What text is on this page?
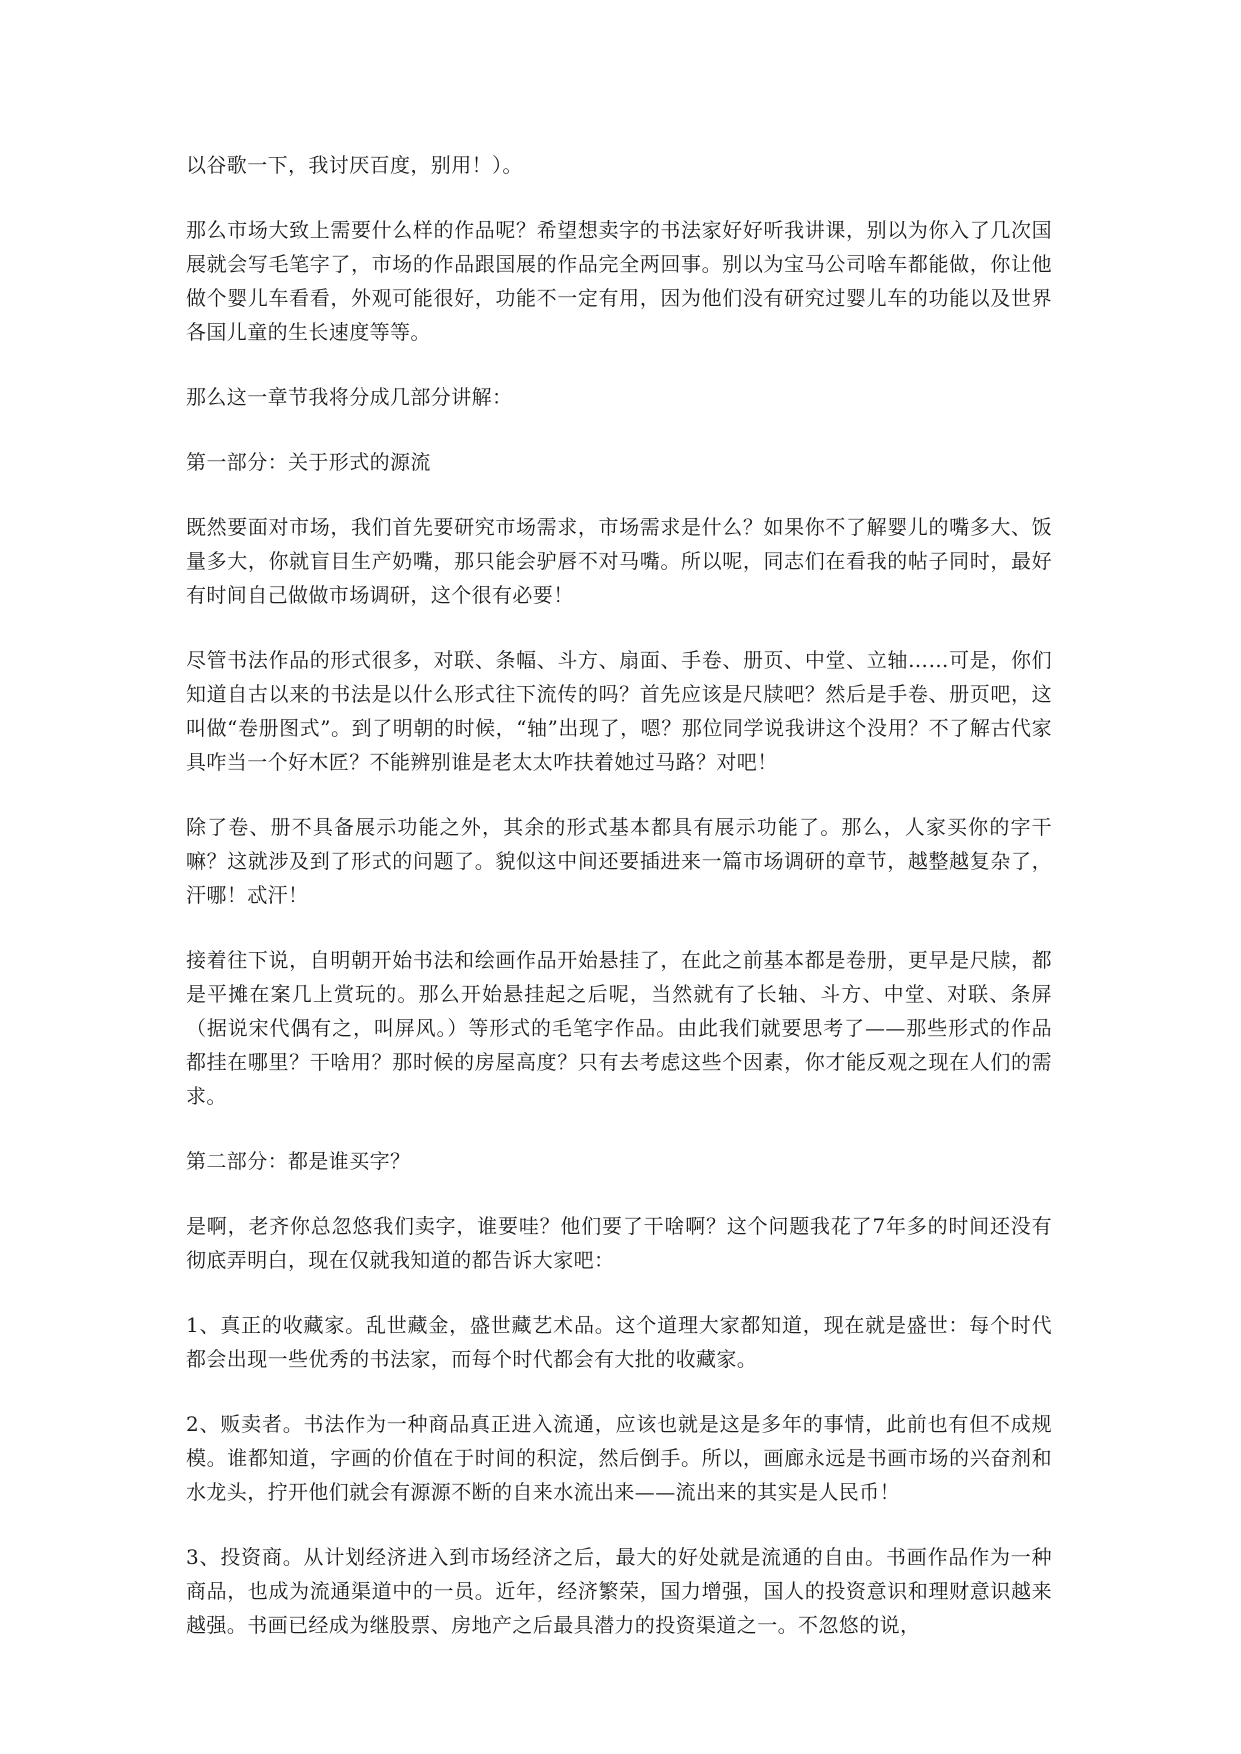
以谷歌一下，我讨厌百度，别用！）。

那么市场大致上需要什么样的作品呢？希望想卖字的书法家好好听我讲课，别以为你入了几次国展就会写毛笔字了，市场的作品跟国展的作品完全两回事。别以为宝马公司啥车都能做，你让他做个婴儿车看看，外观可能很好，功能不一定有用，因为他们没有研究过婴儿车的功能以及世界各国儿童的生长速度等等。

那么这一章节我将分成几部分讲解：

第一部分：关于形式的源流

既然要面对市场，我们首先要研究市场需求，市场需求是什么？如果你不了解婴儿的嘴多大、饭量多大，你就盲目生产奶嘴，那只能会驴唇不对马嘴。所以呢，同志们在看我的帖子同时，最好有时间自己做做市场调研，这个很有必要！

尽管书法作品的形式很多，对联、条幅、斗方、扇面、手卷、册页、中堂、立轴……可是，你们知道自古以来的书法是以什么形式往下流传的吗？首先应该是尺牍吧？然后是手卷、册页吧，这叫做“卷册图式”。到了明朝的时候，“轴”出现了，嗯？那位同学说我讲这个没用？不了解古代家具咋当一个好木匠？不能辨别谁是老太太咋扶着她过马路？对吧！

除了卷、册不具备展示功能之外，其余的形式基本都具有展示功能了。那么，人家买你的字干嘛？这就涉及到了形式的问题了。貌似这中间还要插进来一篇市场调研的章节，越整越复杂了，汗哪！忒汗！

接着往下说，自明朝开始书法和绘画作品开始悬挂了，在此之前基本都是卷册，更早是尺牍，都是平摊在案几上赏玩的。那么开始悬挂起之后呢，当然就有了长轴、斗方、中堂、对联、条屏（据说宋代偶有之，叫屏风。）等形式的毛笔字作品。由此我们就要思考了——那些形式的作品都挂在哪里？干啥用？那时候的房屋高度？只有去考虑这些个因素，你才能反观之现在人们的需求。

第二部分：都是谁买字？

是啊，老齐你总忽悠我们卖字，谁要哇？他们要了干啥啊？这个问题我花了7年多的时间还没有彻底弄明白，现在仅就我知道的都告诉大家吧：

1、真正的收藏家。乱世藏金，盛世藏艺术品。这个道理大家都知道，现在就是盛世：每个时代都会出现一些优秀的书法家，而每个时代都会有大批的收藏家。

2、贩卖者。书法作为一种商品真正进入流通，应该也就是这是多年的事情，此前也有但不成规模。谁都知道，字画的价值在于时间的积淀，然后倒手。所以，画廊永远是书画市场的兴奋剂和水龙头，拧开他们就会有源源不断的自来水流出来——流出来的其实是人民币！

3、投资商。从计划经济进入到市场经济之后，最大的好处就是流通的自由。书画作品作为一种商品，也成为流通渠道中的一员。近年，经济繁荣，国力增强，国人的投资意识和理财意识越来越强。书画已经成为继股票、房地产之后最具潜力的投资渠道之一。不忽悠的说，
